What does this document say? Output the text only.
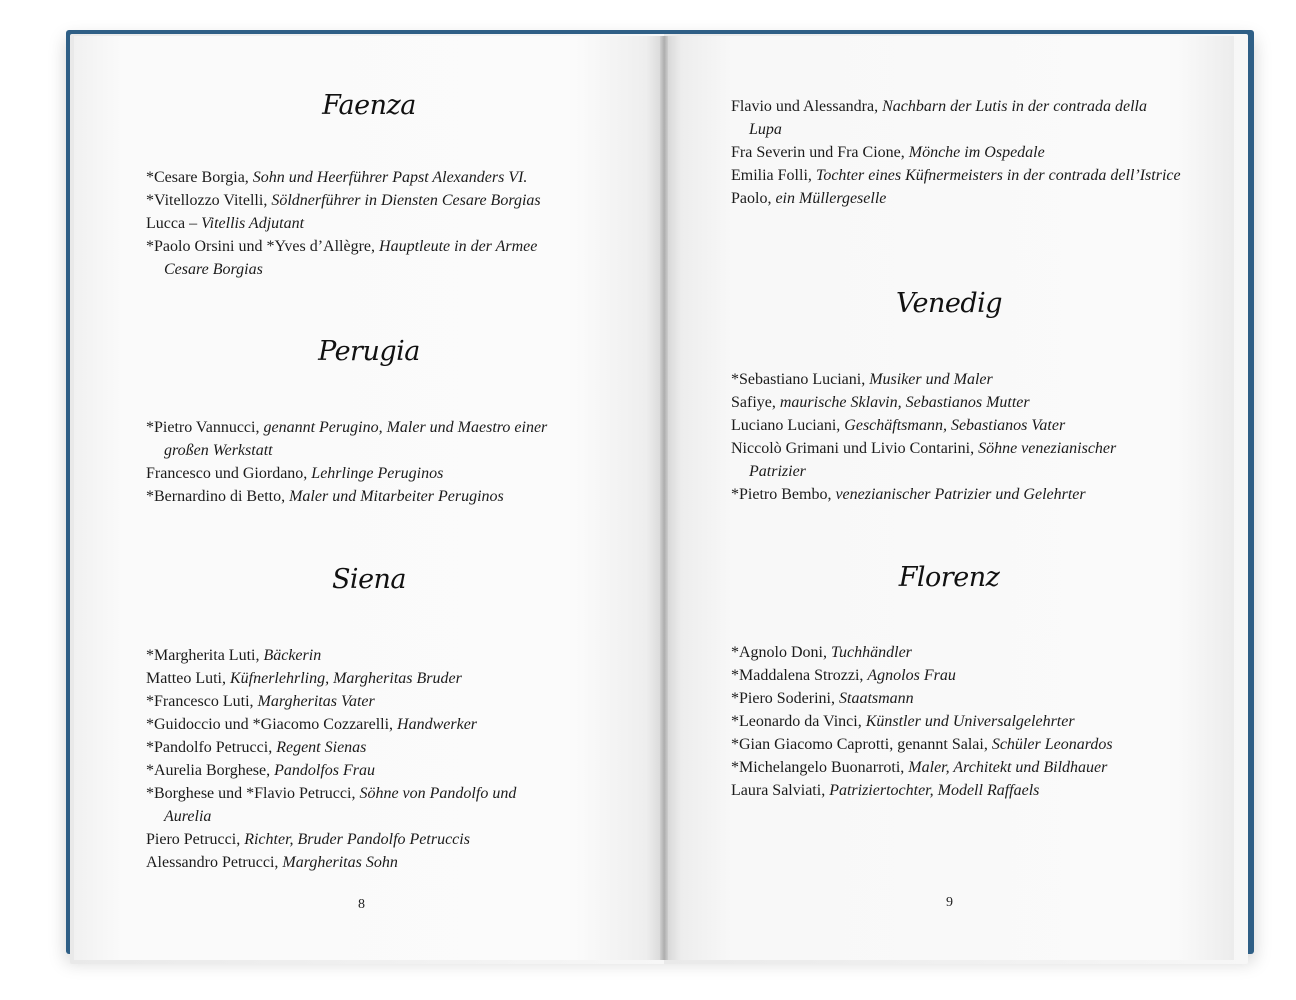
Faenza
*Cesare Borgia, Sohn und Heerführer Papst Alexanders VI.
*Vitellozzo Vitelli, Söldnerführer in Diensten Cesare Borgias
Lucca – Vitellis Adjutant
*Paolo Orsini und *Yves d’Allègre, Hauptleute in der Armee Cesare Borgias
Perugia
*Pietro Vannucci, genannt Perugino, Maler und Maestro einer großen Werkstatt
Francesco und Giordano, Lehrlinge Peruginos
*Bernardino di Betto, Maler und Mitarbeiter Peruginos
Siena
*Margherita Luti, Bäckerin
Matteo Luti, Küfnerlehrling, Margheritas Bruder
*Francesco Luti, Margheritas Vater
*Guidoccio und *Giacomo Cozzarelli, Handwerker
*Pandolfo Petrucci, Regent Sienas
*Aurelia Borghese, Pandolfos Frau
*Borghese und *Flavio Petrucci, Söhne von Pandolfo und Aurelia
Piero Petrucci, Richter, Bruder Pandolfo Petruccis
Alessandro Petrucci, Margheritas Sohn
8
Flavio und Alessandra, Nachbarn der Lutis in der contrada della Lupa
Fra Severin und Fra Cione, Mönche im Ospedale
Emilia Folli, Tochter eines Küfnermeisters in der contrada dell’Istrice
Paolo, ein Müllergeselle
Venedig
*Sebastiano Luciani, Musiker und Maler
Safiye, maurische Sklavin, Sebastianos Mutter
Luciano Luciani, Geschäftsmann, Sebastianos Vater
Niccolò Grimani und Livio Contarini, Söhne venezianischer Patrizier
*Pietro Bembo, venezianischer Patrizier und Gelehrter
Florenz
*Agnolo Doni, Tuchhändler
*Maddalena Strozzi, Agnolos Frau
*Piero Soderini, Staatsmann
*Leonardo da Vinci, Künstler und Universalgelehrter
*Gian Giacomo Caprotti, genannt Salai, Schüler Leonardos
*Michelangelo Buonarroti, Maler, Architekt und Bildhauer
Laura Salviati, Patriziertochter, Modell Raffaels
9
